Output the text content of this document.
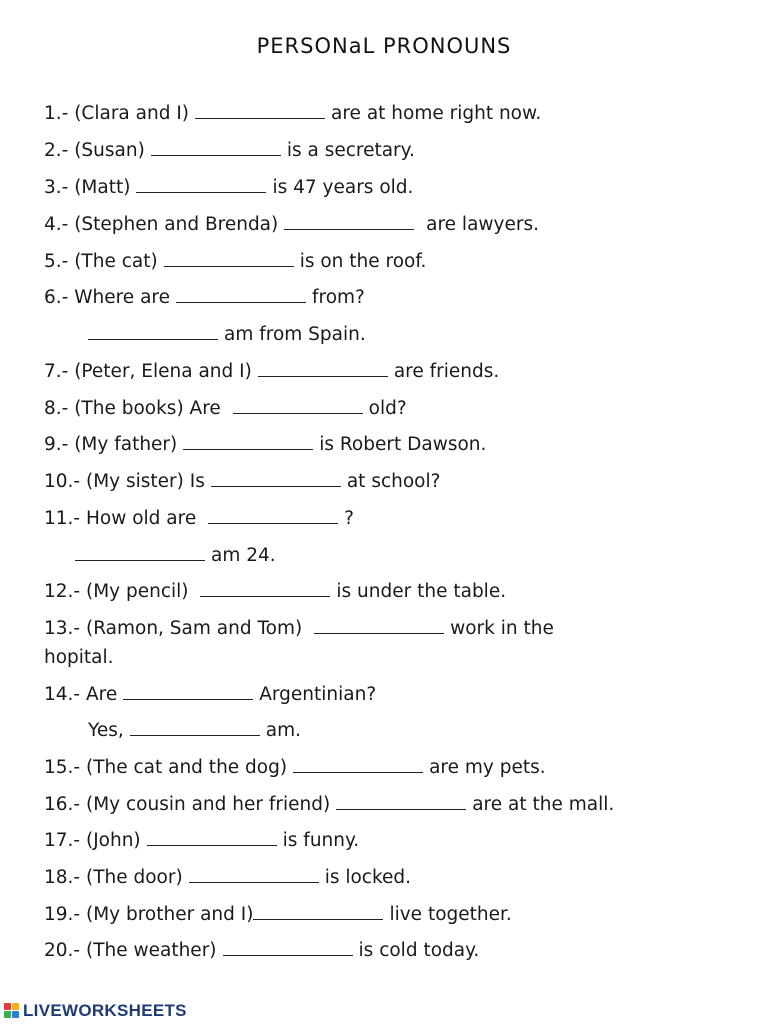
PERSONaL PRONOUNS
1.- (Clara and I)	are at home right now.
2.- (Susan)	is a secretary.
3.- (Matt)	is 47 years old.
4.- (Stephen and Brenda)	are lawyers.
5.- (The cat)	is on the roof.
6.- Where are	from?
am from Spain.
7.- (Peter, Elena and I)	are friends.
8.- (The books) Are	old?
9.- (My father)	is Robert Dawson.
10.- (My sister) Is	at school?
11.- How old are	?
am 24.
12.- (My pencil)	is under the table.
13.- (Ramon, Sam and Tom)	work in the
hopital.
14.- Are	Argentinian?
Yes,	am.
15.- (The cat and the dog)	are my pets.
16.- (My cousin and her friend)	are at the mall.
17.- (John)	is funny.
18.- (The door)	is locked.
19.- (My brother and I)	live together.
20.- (The weather)	is cold today.
LIVEWORKSHEETS
